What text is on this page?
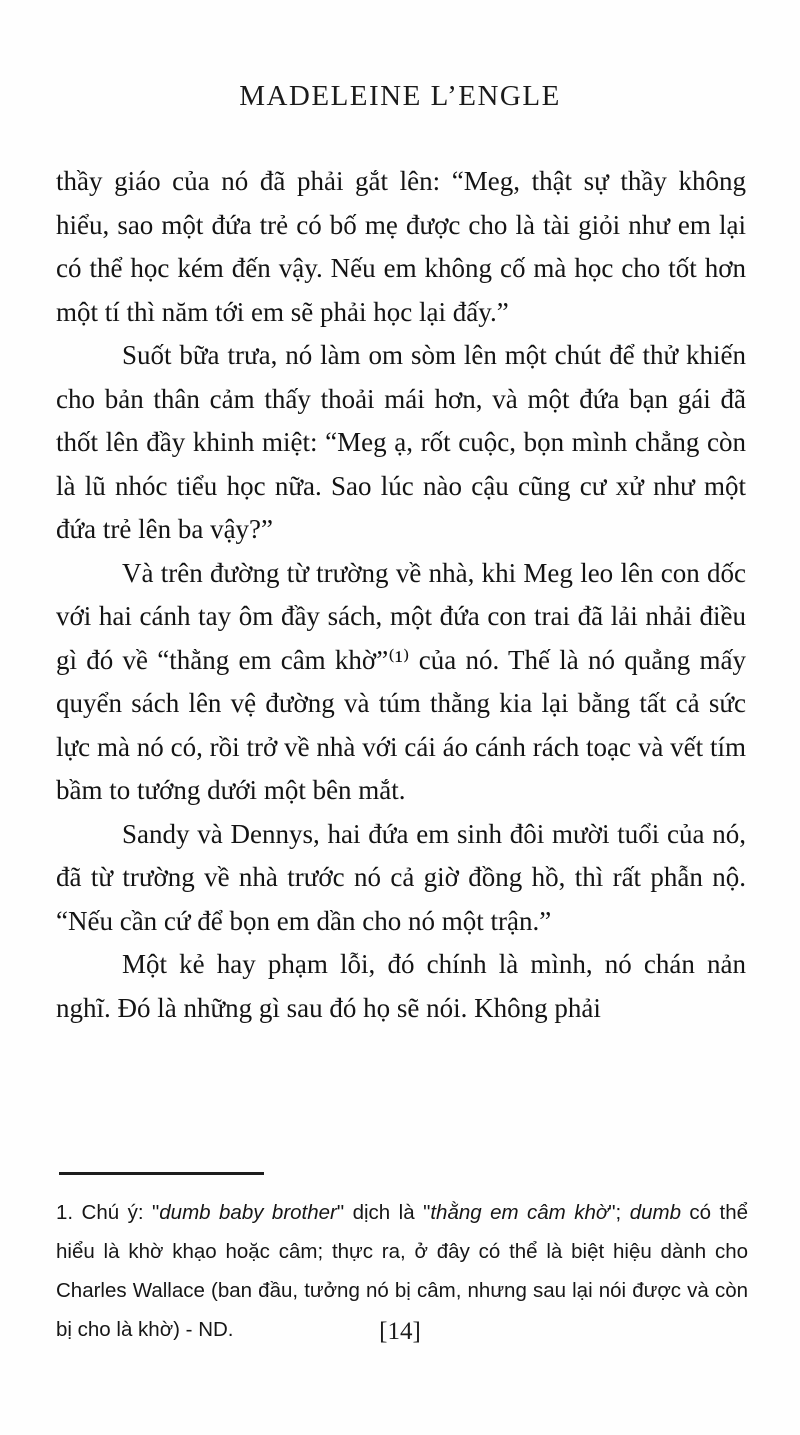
MADELEINE L’ENGLE

thầy giáo của nó đã phải gắt lên: “Meg, thật sự thầy không hiểu, sao một đứa trẻ có bố mẹ được cho là tài giỏi như em lại có thể học kém đến vậy. Nếu em không cố mà học cho tốt hơn một tí thì năm tới em sẽ phải học lại đấy.”

Suốt bữa trưa, nó làm om sòm lên một chút để thử khiến cho bản thân cảm thấy thoải mái hơn, và một đứa bạn gái đã thốt lên đầy khinh miệt: “Meg ạ, rốt cuộc, bọn mình chẳng còn là lũ nhóc tiểu học nữa. Sao lúc nào cậu cũng cư xử như một đứa trẻ lên ba vậy?”

Và trên đường từ trường về nhà, khi Meg leo lên con dốc với hai cánh tay ôm đầy sách, một đứa con trai đã lải nhải điều gì đó về “thằng em câm khờ”⁽¹⁾ của nó. Thế là nó quẳng mấy quyển sách lên vệ đường và túm thằng kia lại bằng tất cả sức lực mà nó có, rồi trở về nhà với cái áo cánh rách toạc và vết tím bầm to tướng dưới một bên mắt.

Sandy và Dennys, hai đứa em sinh đôi mười tuổi của nó, đã từ trường về nhà trước nó cả giờ đồng hồ, thì rất phẫn nộ. “Nếu cần cứ để bọn em dần cho nó một trận.”

Một kẻ hay phạm lỗi, đó chính là mình, nó chán nản nghĩ. Đó là những gì sau đó họ sẽ nói. Không phải

1. Chú ý: "dumb baby brother" dịch là "thằng em câm khờ"; dumb có thể hiểu là khờ khạo hoặc câm; thực ra, ở đây có thể là biệt hiệu dành cho Charles Wallace (ban đầu, tưởng nó bị câm, nhưng sau lại nói được và còn bị cho là khờ) - ND.	[14]
